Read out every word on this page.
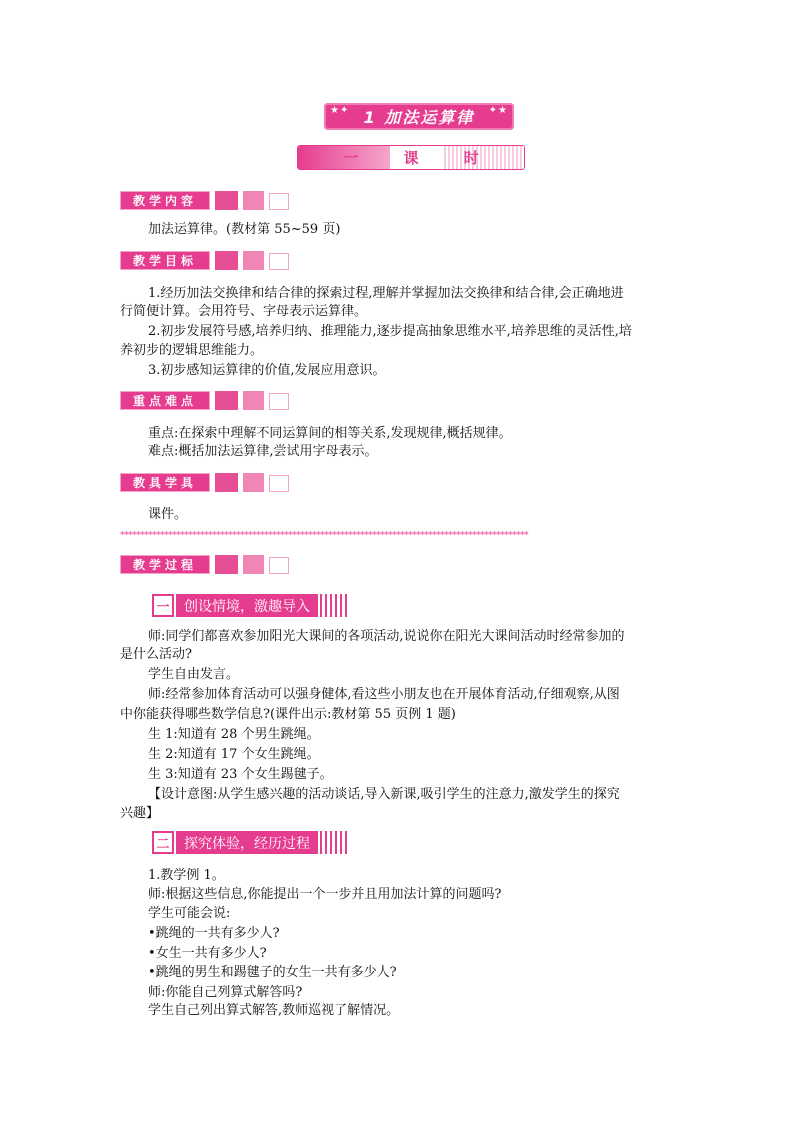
★✦ 1 加法运算律 ✦★
一 课 时
教学内容
加法运算律。(教材第 55~59 页)
教学目标
1.经历加法交换律和结合律的探索过程,理解并掌握加法交换律和结合律,会正确地进
行简便计算。会用符号、字母表示运算律。
2.初步发展符号感,培养归纳、推理能力,逐步提高抽象思维水平,培养思维的灵活性,培
养初步的逻辑思维能力。
3.初步感知运算律的价值,发展应用意识。
重点难点
重点:在探索中理解不同运算间的相等关系,发现规律,概括规律。
难点:概括加法运算律,尝试用字母表示。
教具学具
课件。
******************************************************************************************************
教学过程
一	创设情境，激趣导入
师:同学们都喜欢参加阳光大课间的各项活动,说说你在阳光大课间活动时经常参加的
是什么活动?
学生自由发言。
师:经常参加体育活动可以强身健体,看这些小朋友也在开展体育活动,仔细观察,从图
中你能获得哪些数学信息?(课件出示:教材第 55 页例 1 题)
生 1:知道有 28 个男生跳绳。
生 2:知道有 17 个女生跳绳。
生 3:知道有 23 个女生踢毽子。
【设计意图:从学生感兴趣的活动谈话,导入新课,吸引学生的注意力,激发学生的探究
兴趣】
二	探究体验，经历过程
1.教学例 1。
师:根据这些信息,你能提出一个一步并且用加法计算的问题吗?
学生可能会说:
•跳绳的一共有多少人?
•女生一共有多少人?
•跳绳的男生和踢毽子的女生一共有多少人?
师:你能自己列算式解答吗?
学生自己列出算式解答,教师巡视了解情况。
